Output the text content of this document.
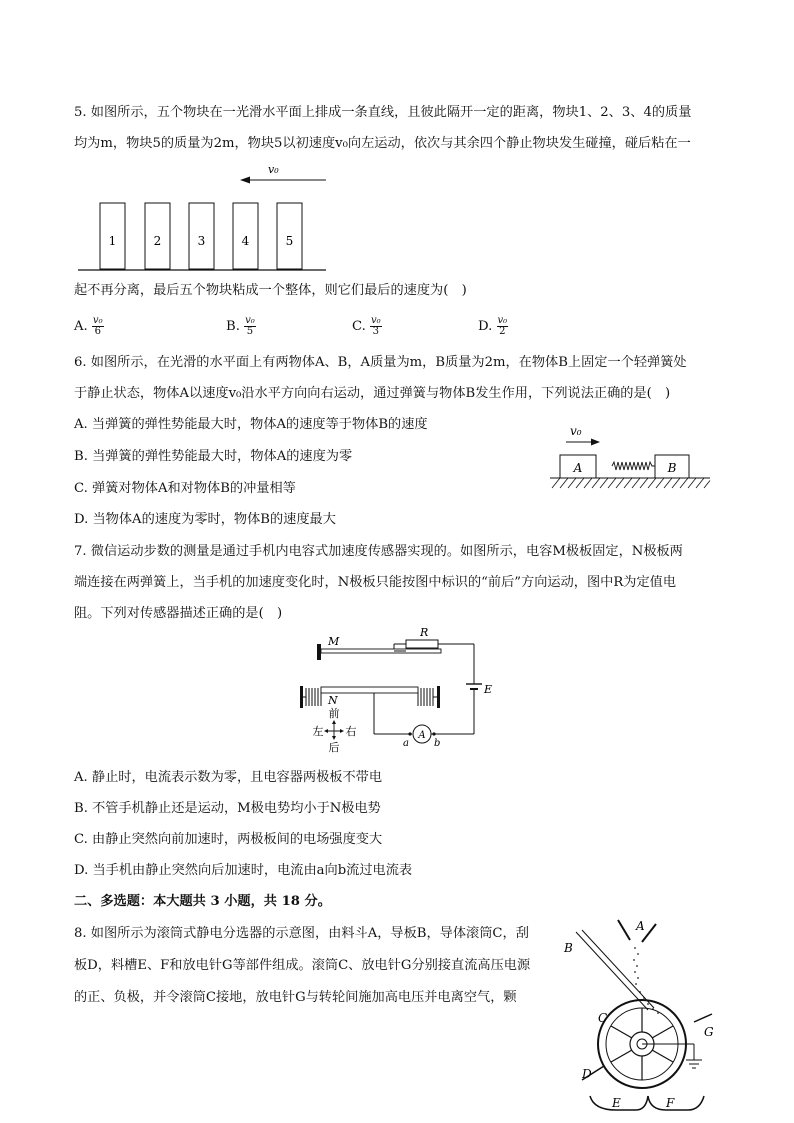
5. 如图所示，五个物块在一光滑水平面上排成一条直线，且彼此隔开一定的距离，物块1、2、3、4的质量
均为m，物块5的质量为2m，物块5以初速度v₀向左运动，依次与其余四个静止物块发生碰撞，碰后粘在一
v₀
1	2	3	4	5
起不再分离，最后五个物块粘成一个整体，则它们最后的速度为(　)
A. $\frac{\text{v₀}}{6}$	B. $\frac{\text{v₀}}{5}$	C. $\frac{\text{v₀}}{3}$	D. $\frac{\text{v₀}}{2}$
6. 如图所示，在光滑的水平面上有两物体A、B，A质量为m，B质量为2m，在物体B上固定一个轻弹簧处
于静止状态，物体A以速度v₀沿水平方向向右运动，通过弹簧与物体B发生作用，下列说法正确的是(　)
A. 当弹簧的弹性势能最大时，物体A的速度等于物体B的速度
B. 当弹簧的弹性势能最大时，物体A的速度为零
C. 弹簧对物体A和对物体B的冲量相等
D. 当物体A的速度为零时，物体B的速度最大
v₀
A	B
7. 微信运动步数的测量是通过手机内电容式加速度传感器实现的。如图所示，电容M极板固定，N极板两
端连接在两弹簧上，当手机的加速度变化时，N极板只能按图中标识的“前后”方向运动，图中R为定值电
阻。下列对传感器描述正确的是(　)
M
R
E
N
A
a	b
前
后
左 右
A. 静止时，电流表示数为零，且电容器两极板不带电
B. 不管手机静止还是运动，M极电势均小于N极电势
C. 由静止突然向前加速时，两极板间的电场强度变大
D. 当手机由静止突然向后加速时，电流由a向b流过电流表
二、多选题：本大题共 3 小题，共 18 分。
8. 如图所示为滚筒式静电分选器的示意图，由料斗A，导板B，导体滚筒C，刮
板D，料槽E、F和放电针G等部件组成。滚筒C、放电针G分别接直流高压电源
的正、负极，并令滚筒C接地，放电针G与转轮间施加高电压并电离空气，颗
A
B
C
G
D
E	F
